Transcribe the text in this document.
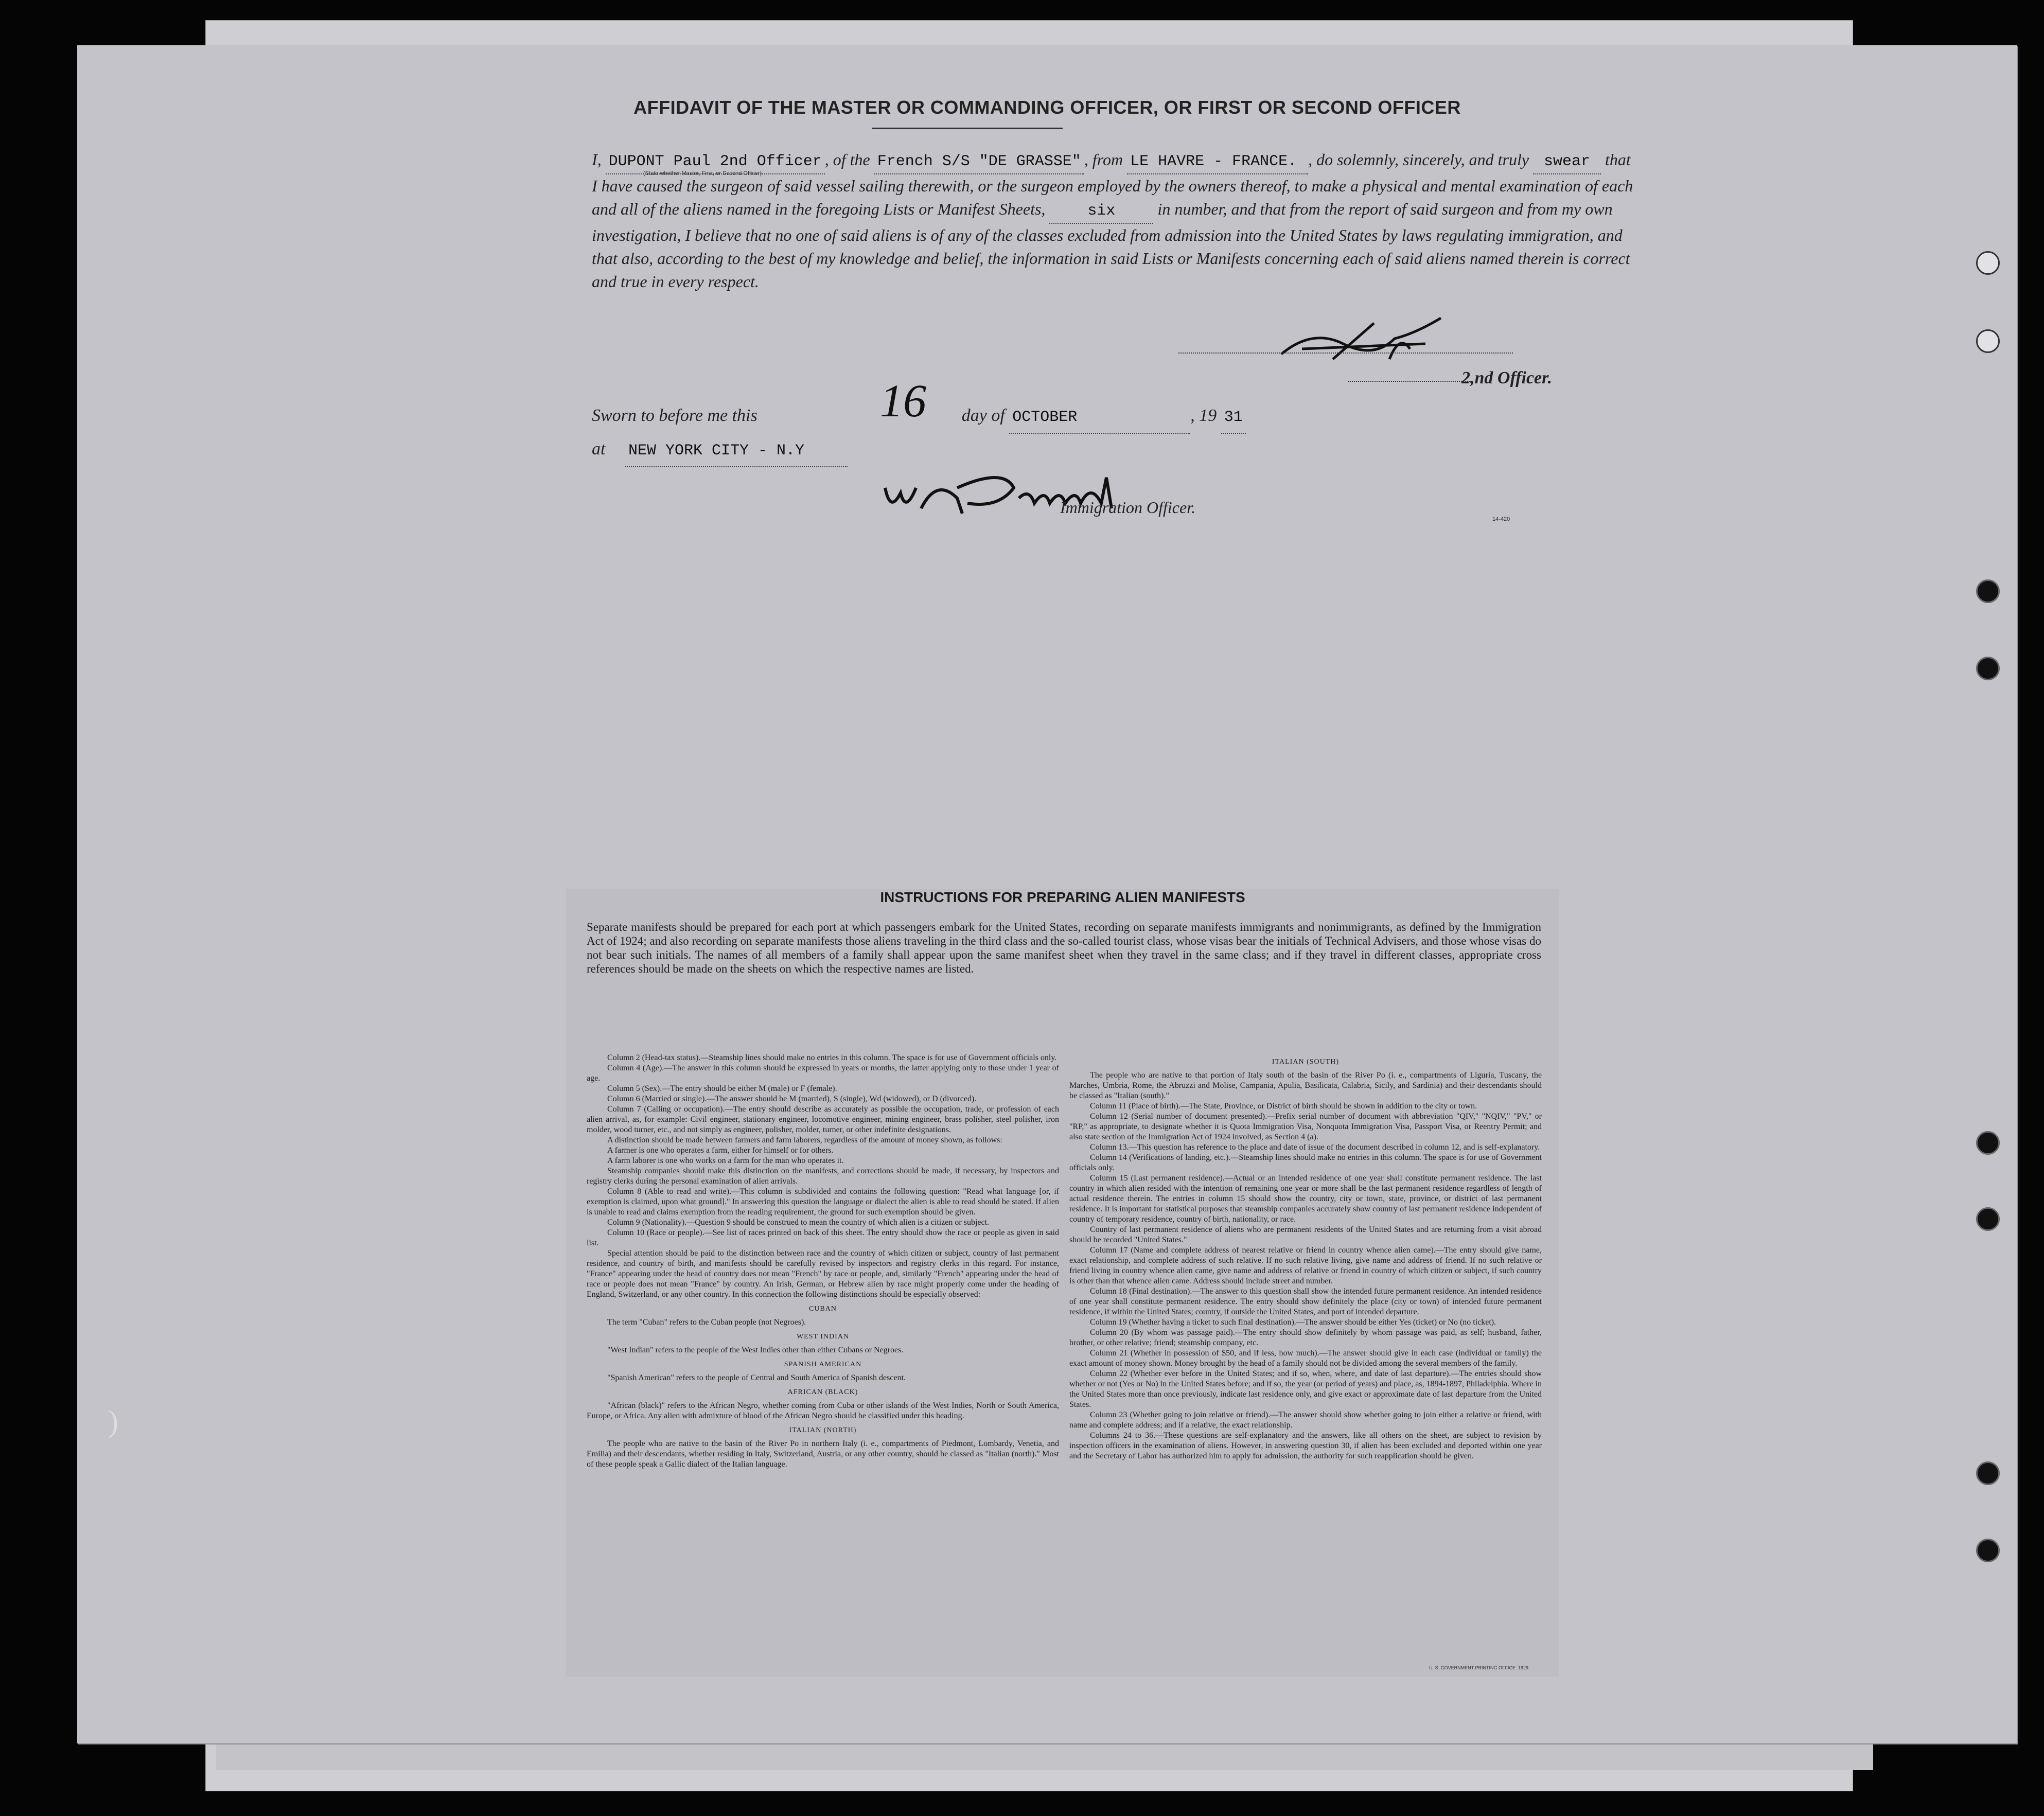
AFFIDAVIT OF THE MASTER OR COMMANDING OFFICER, OR FIRST OR SECOND OFFICER
I, DUPONT Paul 2nd Officer , of the French S/S "DE GRASSE" , from LE HAVRE - FRANCE. , do solemnly, sincerely, and truly swear that I have caused the surgeon of said vessel sailing therewith, or the surgeon employed by the owners thereof, to make a physical and mental examination of each and all of the aliens named in the foregoing Lists or Manifest Sheets,	six	in number, and that from the report of said surgeon and from my own investigation, I believe that no one of said aliens is of any of the classes excluded from admission into the United States by laws regulating immigration, and that also, according to the best of my knowledge and belief, the information in said Lists or Manifests concerning each of said aliens named therein is correct and true in every respect.
(State whether Master, First, or Second Officer)
2,nd Officer.
16
Sworn to before me this	day of OCTOBER	, 19 31
at NEW YORK CITY - N.Y
Immigration Officer.
14-420
INSTRUCTIONS FOR PREPARING ALIEN MANIFESTS
Separate manifests should be prepared for each port at which passengers embark for the United States, recording on separate manifests immigrants and nonimmigrants, as defined by the Immigration Act of 1924; and also recording on separate manifests those aliens traveling in the third class and the so-called tourist class, whose visas bear the initials of Technical Advisers, and those whose visas do not bear such initials. The names of all members of a family shall appear upon the same manifest sheet when they travel in the same class; and if they travel in different classes, appropriate cross references should be made on the sheets on which the respective names are listed.

Column 2 (Head-tax status).—Steamship lines should make no entries in this column. The space is for use of Government officials only.

Column 4 (Age).—The answer in this column should be expressed in years or months, the latter applying only to those under 1 year of age.

Column 5 (Sex).—The entry should be either M (male) or F (female).

Column 6 (Married or single).—The answer should be M (married), S (single), Wd (widowed), or D (divorced).

Column 7 (Calling or occupation).—The entry should describe as accurately as possible the occupation, trade, or profession of each alien arrival, as, for example: Civil engineer, stationary engineer, locomotive engineer, mining engineer, brass polisher, steel polisher, iron molder, wood turner, etc., and not simply as engineer, polisher, molder, turner, or other indefinite designations.

A distinction should be made between farmers and farm laborers, regardless of the amount of money shown, as follows:

A farmer is one who operates a farm, either for himself or for others.

A farm laborer is one who works on a farm for the man who operates it.

Steamship companies should make this distinction on the manifests, and corrections should be made, if necessary, by inspectors and registry clerks during the personal examination of alien arrivals.

Column 8 (Able to read and write).—This column is subdivided and contains the following question: "Read what language [or, if exemption is claimed, upon what ground]." In answering this question the language or dialect the alien is able to read should be stated. If alien is unable to read and claims exemption from the reading requirement, the ground for such exemption should be given.

Column 9 (Nationality).—Question 9 should be construed to mean the country of which alien is a citizen or subject.

Column 10 (Race or people).—See list of races printed on back of this sheet. The entry should show the race or people as given in said list.

Special attention should be paid to the distinction between race and the country of which citizen or subject, country of last permanent residence, and country of birth, and manifests should be carefully revised by inspectors and registry clerks in this regard. For instance, "France" appearing under the head of country does not mean "French" by race or people, and, similarly "French" appearing under the head of race or people does not mean "France" by country. An Irish, German, or Hebrew alien by race might properly come under the heading of England, Switzerland, or any other country. In this connection the following distinctions should be especially observed:

CUBAN

The term "Cuban" refers to the Cuban people (not Negroes).

WEST INDIAN

"West Indian" refers to the people of the West Indies other than either Cubans or Negroes.

SPANISH AMERICAN

"Spanish American" refers to the people of Central and South America of Spanish descent.

AFRICAN (BLACK)

"African (black)" refers to the African Negro, whether coming from Cuba or other islands of the West Indies, North or South America, Europe, or Africa. Any alien with admixture of blood of the African Negro should be classified under this heading.

ITALIAN (NORTH)

The people who are native to the basin of the River Po in northern Italy (i. e., compartments of Piedmont, Lombardy, Venetia, and Emilia) and their descendants, whether residing in Italy, Switzerland, Austria, or any other country, should be classed as "Italian (north)." Most of these people speak a Gallic dialect of the Italian language.

ITALIAN (SOUTH)

The people who are native to that portion of Italy south of the basin of the River Po (i. e., compartments of Liguria, Tuscany, the Marches, Umbria, Rome, the Abruzzi and Molise, Campania, Apulia, Basilicata, Calabria, Sicily, and Sardinia) and their descendants should be classed as "Italian (south)."

Column 11 (Place of birth).—The State, Province, or District of birth should be shown in addition to the city or town.

Column 12 (Serial number of document presented).—Prefix serial number of document with abbreviation "QIV," "NQIV," "PV," or "RP," as appropriate, to designate whether it is Quota Immigration Visa, Nonquota Immigration Visa, Passport Visa, or Reentry Permit; and also state section of the Immigration Act of 1924 involved, as Section 4 (a).

Column 13.—This question has reference to the place and date of issue of the document described in column 12, and is self-explanatory.

Column 14 (Verifications of landing, etc.).—Steamship lines should make no entries in this column. The space is for use of Government officials only.

Column 15 (Last permanent residence).—Actual or an intended residence of one year shall constitute permanent residence. The last country in which alien resided with the intention of remaining one year or more shall be the last permanent residence regardless of length of actual residence therein. The entries in column 15 should show the country, city or town, state, province, or district of last permanent residence. It is important for statistical purposes that steamship companies accurately show country of last permanent residence independent of country of temporary residence, country of birth, nationality, or race.

Country of last permanent residence of aliens who are permanent residents of the United States and are returning from a visit abroad should be recorded "United States."

Column 17 (Name and complete address of nearest relative or friend in country whence alien came).—The entry should give name, exact relationship, and complete address of such relative. If no such relative living, give name and address of friend. If no such relative or friend living in country whence alien came, give name and address of relative or friend in country of which citizen or subject, if such country is other than that whence alien came. Address should include street and number.

Column 18 (Final destination).—The answer to this question shall show the intended future permanent residence. An intended residence of one year shall constitute permanent residence. The entry should show definitely the place (city or town) of intended future permanent residence, if within the United States; country, if outside the United States, and port of intended departure.

Column 19 (Whether having a ticket to such final destination).—The answer should be either Yes (ticket) or No (no ticket).

Column 20 (By whom was passage paid).—The entry should show definitely by whom passage was paid, as self; husband, father, brother, or other relative; friend; steamship company, etc.

Column 21 (Whether in possession of $50, and if less, how much).—The answer should give in each case (individual or family) the exact amount of money shown. Money brought by the head of a family should not be divided among the several members of the family.

Column 22 (Whether ever before in the United States; and if so, when, where, and date of last departure).—The entries should show whether or not (Yes or No) in the United States before; and if so, the year (or period of years) and place, as, 1894-1897, Philadelphia. Where in the United States more than once previously, indicate last residence only, and give exact or approximate date of last departure from the United States.

Column 23 (Whether going to join relative or friend).—The answer should show whether going to join either a relative or friend, with name and complete address; and if a relative, the exact relationship.

Columns 24 to 36.—These questions are self-explanatory and the answers, like all others on the sheet, are subject to revision by inspection officers in the examination of aliens. However, in answering question 30, if alien has been excluded and deported within one year and the Secretary of Labor has authorized him to apply for admission, the authority for such reapplication should be given.

U. S. GOVERNMENT PRINTING OFFICE: 1929
)
